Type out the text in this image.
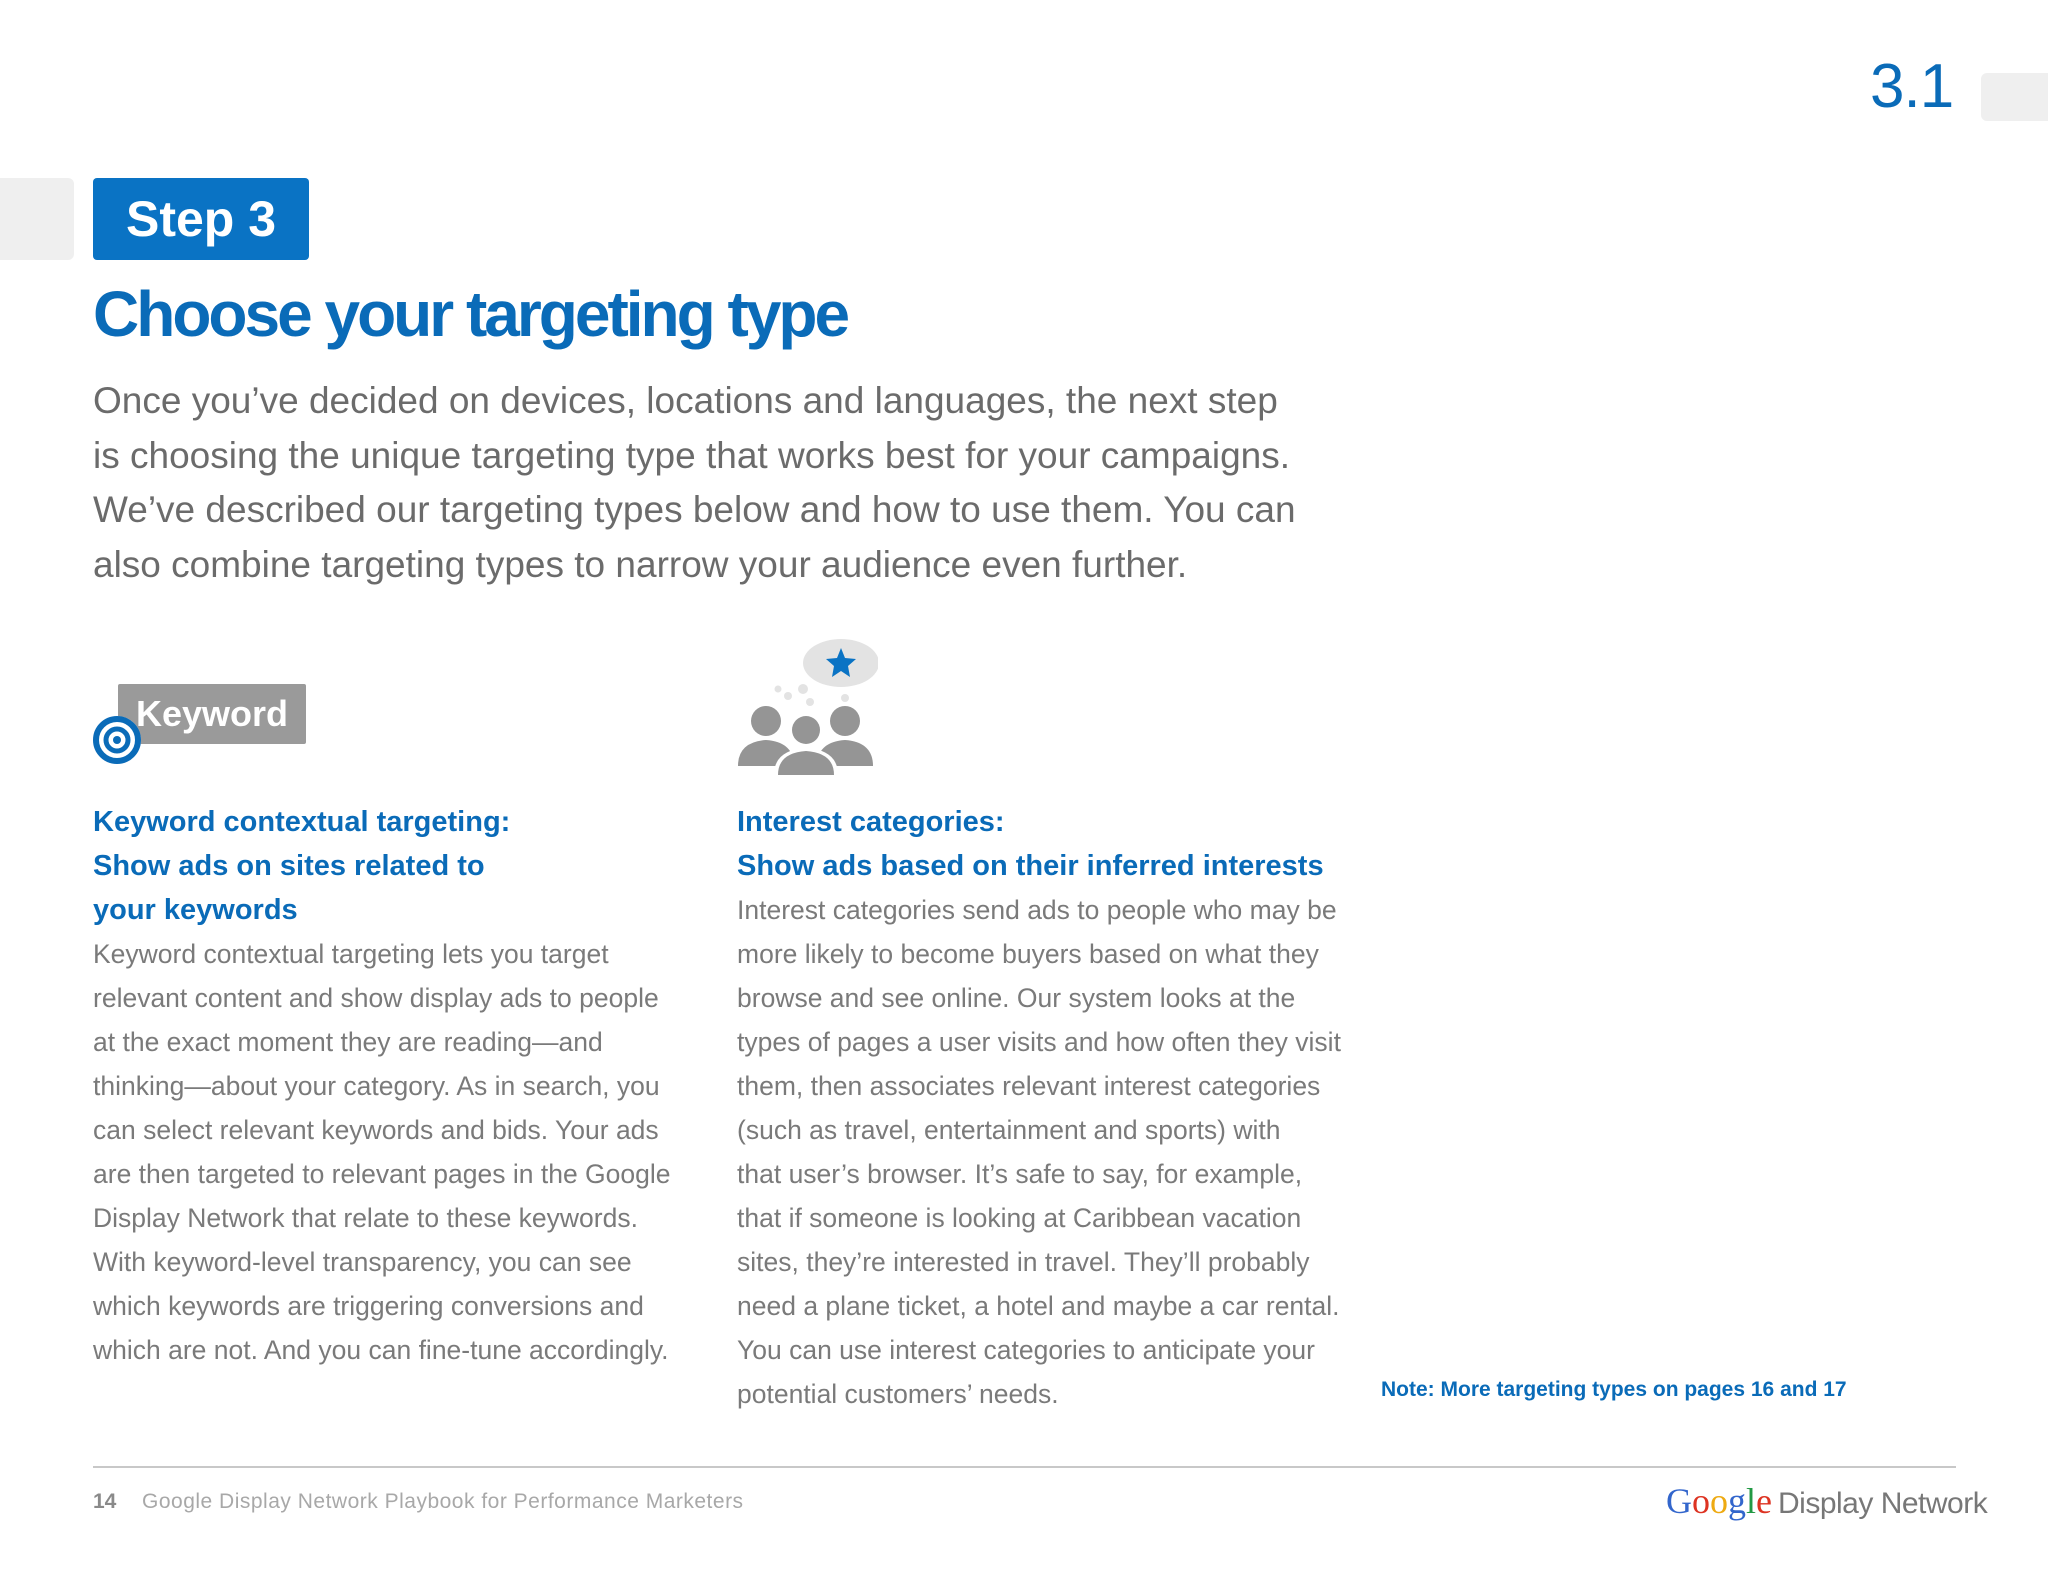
3.1
Step 3
Choose your targeting type
Once you’ve decided on devices, locations and languages, the next step
is choosing the unique targeting type that works best for your campaigns.
We’ve described our targeting types below and how to use them. You can
also combine targeting types to narrow your audience even further.
Keyword
Keyword contextual targeting:
Show ads on sites related to
your keywords
Keyword contextual targeting lets you target
relevant content and show display ads to people
at the exact moment they are reading—and
thinking—about your category. As in search, you
can select relevant keywords and bids. Your ads
are then targeted to relevant pages in the Google
Display Network that relate to these keywords.
With keyword-level transparency, you can see
which keywords are triggering conversions and
which are not. And you can fine-tune accordingly.
Interest categories:
Show ads based on their inferred interests
Interest categories send ads to people who may be
more likely to become buyers based on what they
browse and see online. Our system looks at the
types of pages a user visits and how often they visit
them, then associates relevant interest categories
(such as travel, entertainment and sports) with
that user’s browser. It’s safe to say, for example,
that if someone is looking at Caribbean vacation
sites, they’re interested in travel. They’ll probably
need a plane ticket, a hotel and maybe a car rental.
You can use interest categories to anticipate your
potential customers’ needs.	Note: More targeting types on pages 16 and 17
14 Google Display Network Playbook for Performance Marketers	Google Display Network
